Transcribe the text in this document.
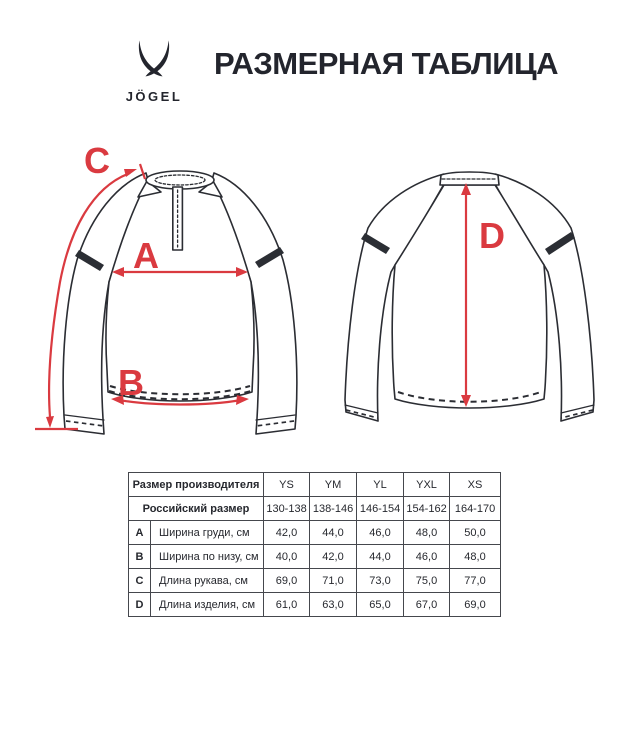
JÖGEL
РАЗМЕРНАЯ ТАБЛИЦА
A
B
C
D
Размер производителя		YS	YM	YL	YXL	XS
Российский размер		130-138	138-146	146-154	154-162	164-170
A	Ширина груди, см	42,0	44,0	46,0	48,0	50,0
B	Ширина по низу, см	40,0	42,0	44,0	46,0	48,0
C	Длина рукава, см	69,0	71,0	73,0	75,0	77,0
D	Длина изделия, см	61,0	63,0	65,0	67,0	69,0
